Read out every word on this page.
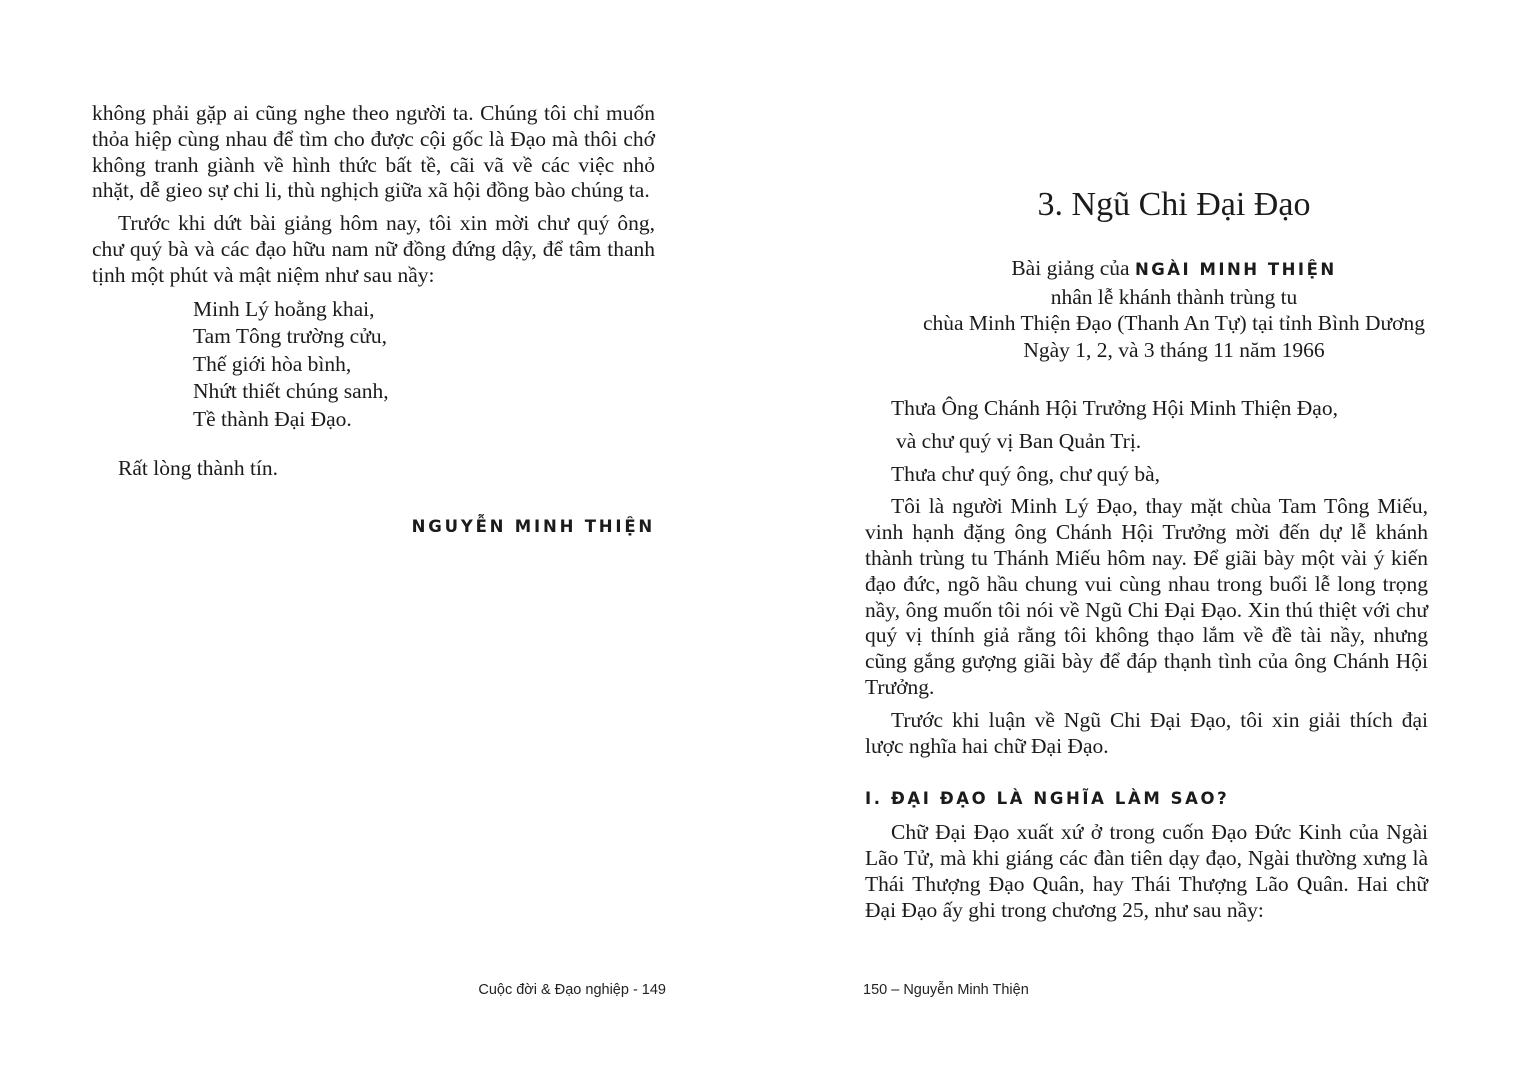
không phải gặp ai cũng nghe theo người ta. Chúng tôi chỉ muốn thỏa hiệp cùng nhau để tìm cho được cội gốc là Đạo mà thôi chớ không tranh giành về hình thức bất tề, cãi vã về các việc nhỏ nhặt, dễ gieo sự chi li, thù nghịch giữa xã hội đồng bào chúng ta.

Trước khi dứt bài giảng hôm nay, tôi xin mời chư quý ông, chư quý bà và các đạo hữu nam nữ đồng đứng dậy, để tâm thanh tịnh một phút và mật niệm như sau nầy:

Minh Lý hoằng khai,
Tam Tông trường cửu,
Thế giới hòa bình,
Nhứt thiết chúng sanh,
Tề thành Đại Đạo.
Rất lòng thành tín.
NGUYỄN MINH THIỆN
Cuộc đời & Đạo nghiệp - 149
3. Ngũ Chi Đại Đạo
Bài giảng của NGÀI MINH THIỆN
nhân lễ khánh thành trùng tu
chùa Minh Thiện Đạo (Thanh An Tự) tại tỉnh Bình Dương
Ngày 1, 2, và 3 tháng 11 năm 1966
Thưa Ông Chánh Hội Trưởng Hội Minh Thiện Đạo,
và chư quý vị Ban Quản Trị.
Thưa chư quý ông, chư quý bà,

Tôi là người Minh Lý Đạo, thay mặt chùa Tam Tông Miếu, vinh hạnh đặng ông Chánh Hội Trưởng mời đến dự lễ khánh thành trùng tu Thánh Miếu hôm nay. Để giãi bày một vài ý kiến đạo đức, ngõ hầu chung vui cùng nhau trong buổi lễ long trọng nầy, ông muốn tôi nói về Ngũ Chi Đại Đạo. Xin thú thiệt với chư quý vị thính giả rằng tôi không thạo lắm về đề tài nầy, nhưng cũng gắng gượng giãi bày để đáp thạnh tình của ông Chánh Hội Trưởng.

Trước khi luận về Ngũ Chi Đại Đạo, tôi xin giải thích đại lược nghĩa hai chữ Đại Đạo.

I. ĐẠI ĐẠO LÀ NGHĨA LÀM SAO?

Chữ Đại Đạo xuất xứ ở trong cuốn Đạo Đức Kinh của Ngài Lão Tử, mà khi giáng các đàn tiên dạy đạo, Ngài thường xưng là Thái Thượng Đạo Quân, hay Thái Thượng Lão Quân. Hai chữ Đại Đạo ấy ghi trong chương 25, như sau nầy:

150 – Nguyễn Minh Thiện
